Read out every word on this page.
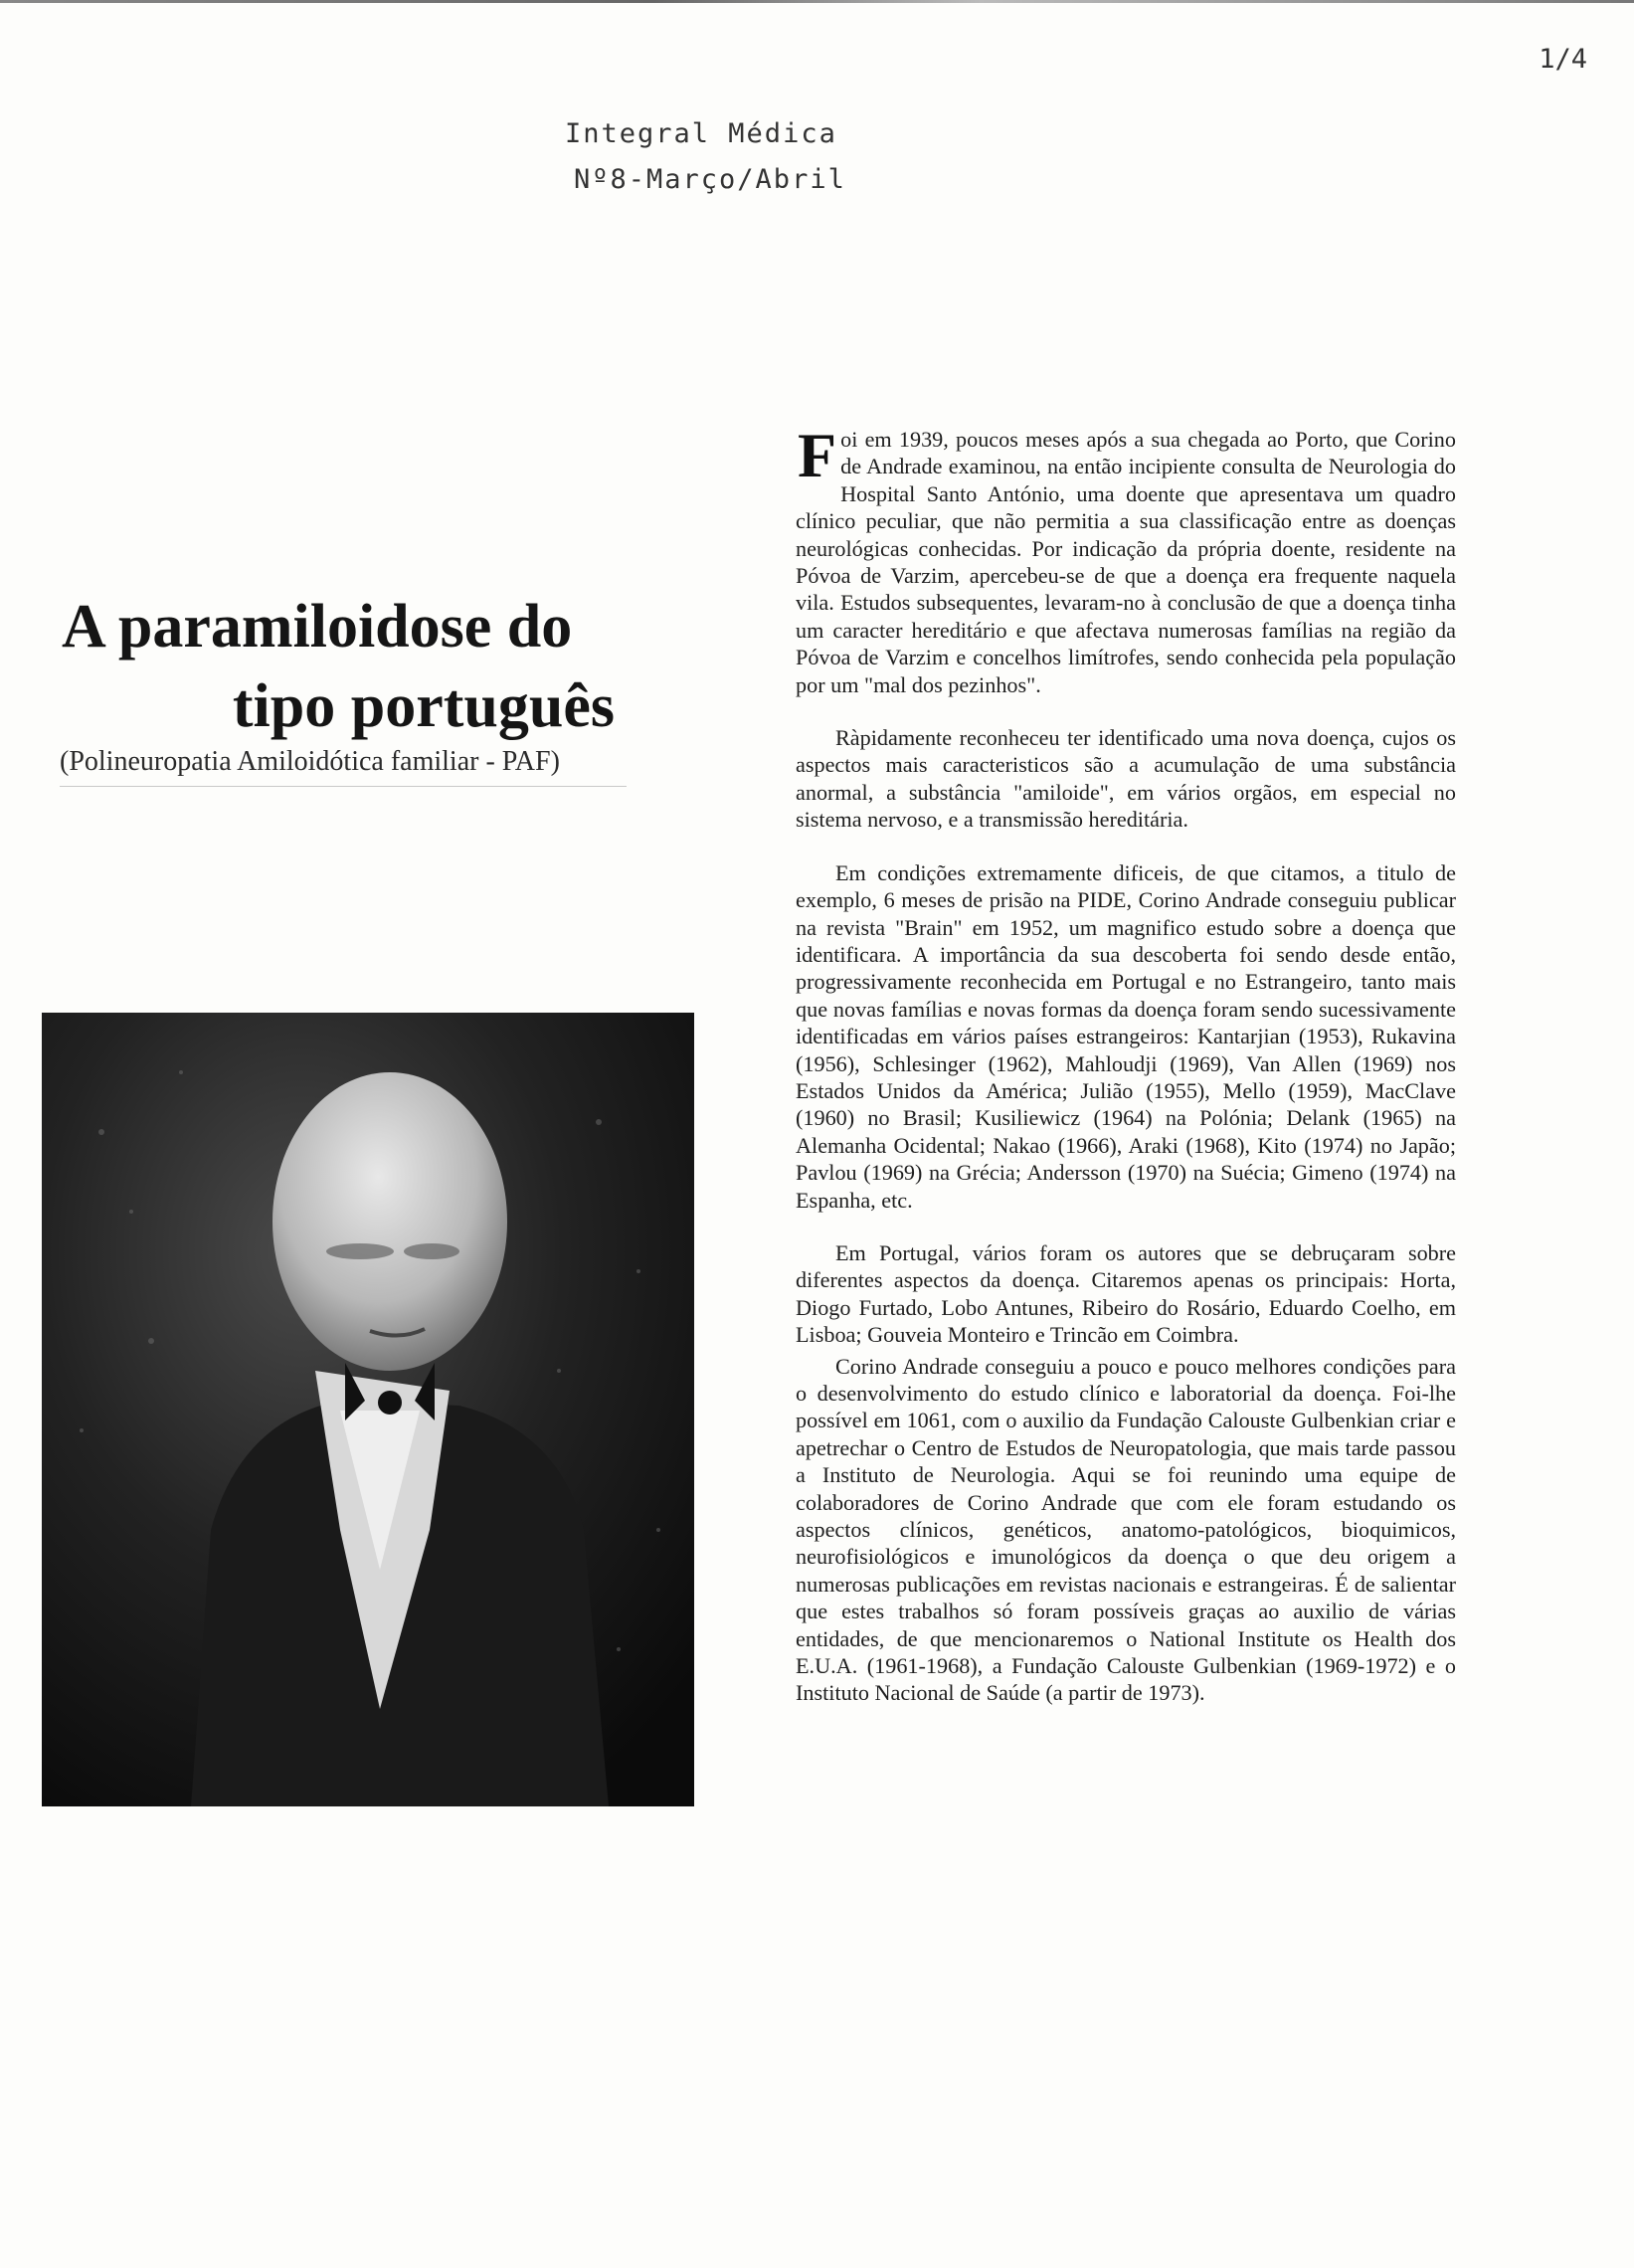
1/4
Integral Médica
Nº8-Março/Abril
A paramiloidose do
tipo português
(Polineuropatia Amiloidótica familiar - PAF)

Foi em 1939, poucos meses após a sua chegada ao Porto, que Corino de Andrade examinou, na então incipiente consulta de Neurologia do Hospital Santo António, uma doente que apresentava um quadro clínico peculiar, que não permitia a sua classificação entre as doenças neurológicas conhecidas. Por indicação da própria doente, residente na Póvoa de Varzim, apercebeu-se de que a doença era frequente naquela vila. Estudos subsequentes, levaram-no à conclusão de que a doença tinha um caracter hereditário e que afectava numerosas famílias na região da Póvoa de Varzim e concelhos limítrofes, sendo conhecida pela população por um "mal dos pezinhos".

Ràpidamente reconheceu ter identificado uma nova doença, cujos os aspectos mais caracteristicos são a acumulação de uma substância anormal, a substância "amiloide", em vários orgãos, em especial no sistema nervoso, e a transmissão hereditária.

Em condições extremamente dificeis, de que citamos, a titulo de exemplo, 6 meses de prisão na PIDE, Corino Andrade conseguiu publicar na revista "Brain" em 1952, um magnifico estudo sobre a doença que identificara. A importância da sua descoberta foi sendo desde então, progressivamente reconhecida em Portugal e no Estrangeiro, tanto mais que novas famílias e novas formas da doença foram sendo sucessivamente identificadas em vários países estrangeiros: Kantarjian (1953), Rukavina (1956), Schlesinger (1962), Mahloudji (1969), Van Allen (1969) nos Estados Unidos da América; Julião (1955), Mello (1959), MacClave (1960) no Brasil; Kusiliewicz (1964) na Polónia; Delank (1965) na Alemanha Ocidental; Nakao (1966), Araki (1968), Kito (1974) no Japão; Pavlou (1969) na Grécia; Andersson (1970) na Suécia; Gimeno (1974) na Espanha, etc.

Em Portugal, vários foram os autores que se debruçaram sobre diferentes aspectos da doença. Citaremos apenas os principais: Horta, Diogo Furtado, Lobo Antunes, Ribeiro do Rosário, Eduardo Coelho, em Lisboa; Gouveia Monteiro e Trincão em Coimbra.

Corino Andrade conseguiu a pouco e pouco melhores condições para o desenvolvimento do estudo clínico e laboratorial da doença. Foi-lhe possível em 1061, com o auxilio da Fundação Calouste Gulbenkian criar e apetrechar o Centro de Estudos de Neuropatologia, que mais tarde passou a Instituto de Neurologia. Aqui se foi reunindo uma equipe de colaboradores de Corino Andrade que com ele foram estudando os aspectos clínicos, genéticos, anatomo-patológicos, bioquimicos, neurofisiológicos e imunológicos da doença o que deu origem a numerosas publicações em revistas nacionais e estrangeiras. É de salientar que estes trabalhos só foram possíveis graças ao auxilio de várias entidades, de que mencionaremos o National Institute os Health dos E.U.A. (1961-1968), a Fundação Calouste Gulbenkian (1969-1972) e o Instituto Nacional de Saúde (a partir de 1973).
